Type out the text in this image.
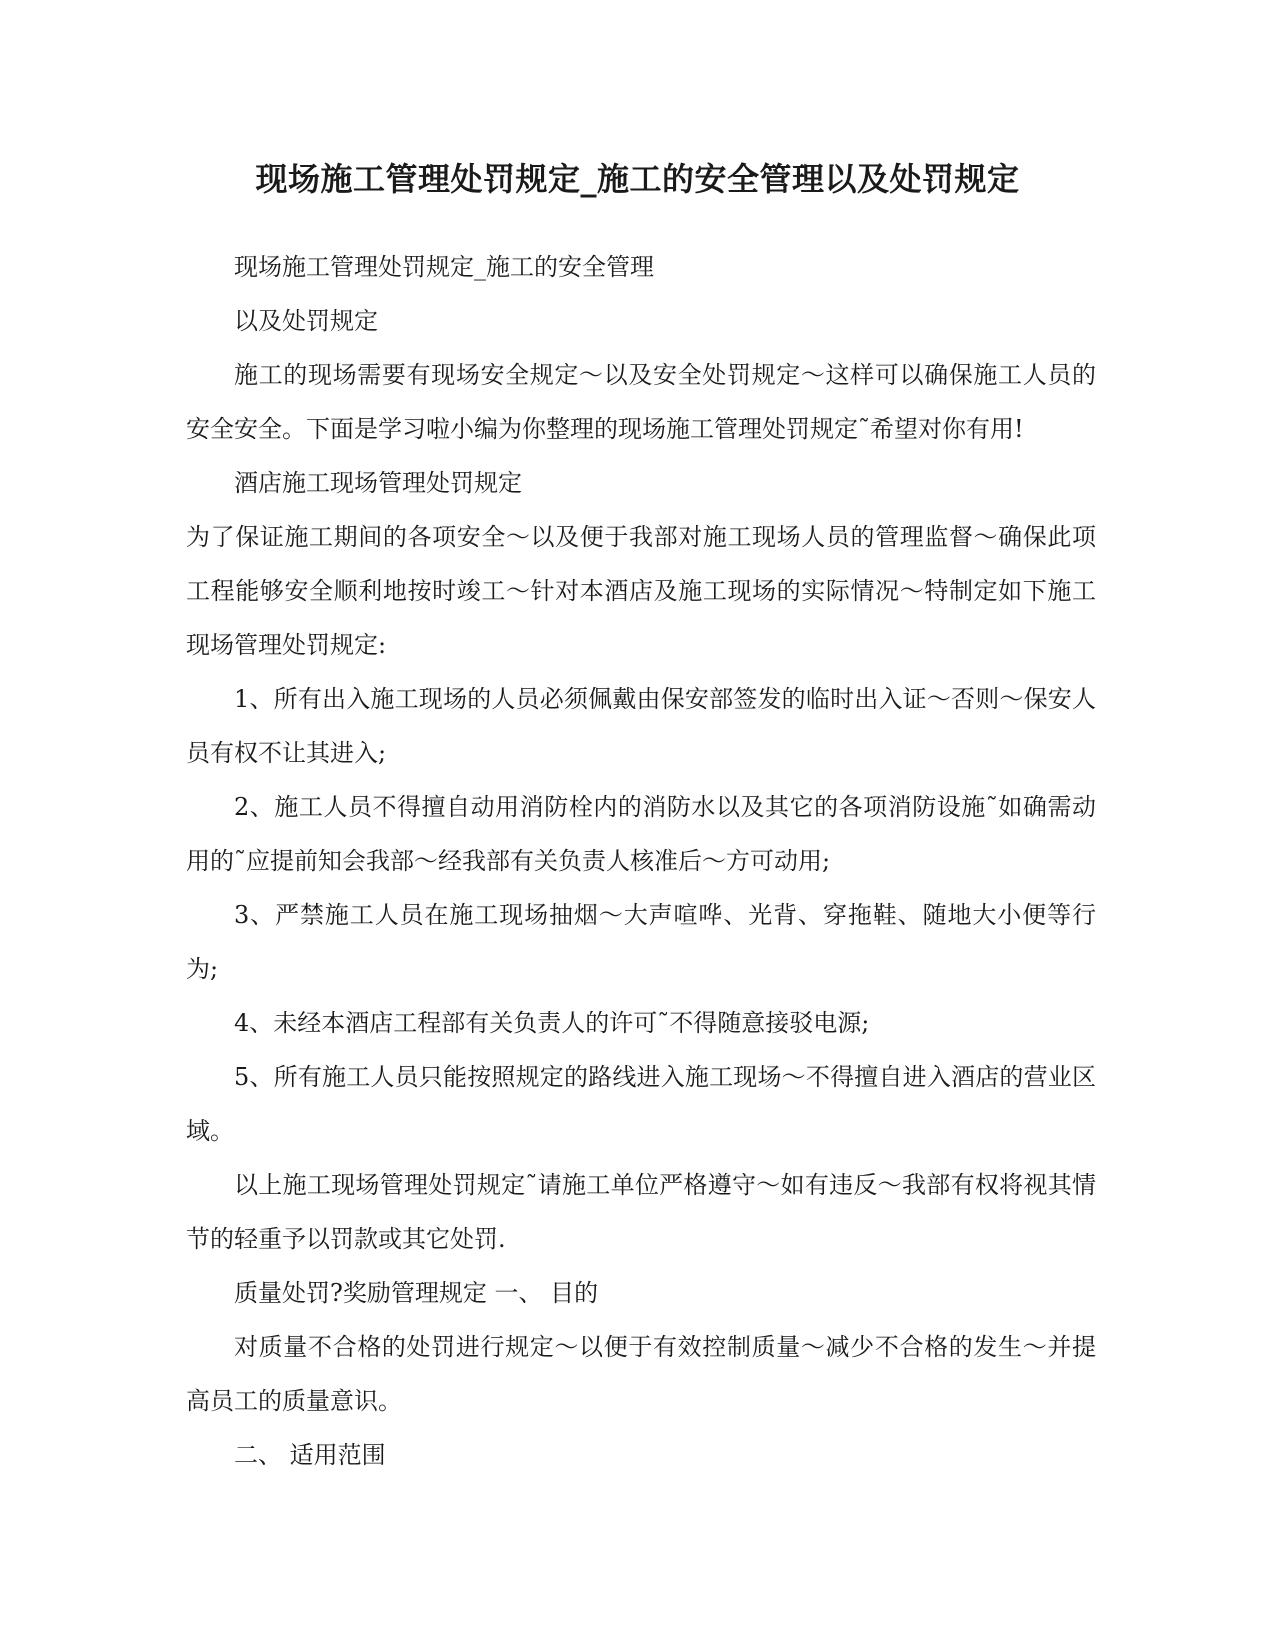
现场施工管理处罚规定_施工的安全管理以及处罚规定

现场施工管理处罚规定_施工的安全管理

以及处罚规定

施工的现场需要有现场安全规定～以及安全处罚规定～这样可以确保施工人员的安全安全。下面是学习啦小编为你整理的现场施工管理处罚规定˜希望对你有用!

酒店施工现场管理处罚规定

为了保证施工期间的各项安全～以及便于我部对施工现场人员的管理监督～确保此项工程能够安全顺利地按时竣工～针对本酒店及施工现场的实际情况～特制定如下施工现场管理处罚规定:

1、所有出入施工现场的人员必须佩戴由保安部签发的临时出入证～否则～保安人员有权不让其进入;

2、施工人员不得擅自动用消防栓内的消防水以及其它的各项消防设施˜如确需动用的˜应提前知会我部～经我部有关负责人核准后～方可动用;

3、严禁施工人员在施工现场抽烟～大声喧哗、光背、穿拖鞋、随地大小便等行为;

4、未经本酒店工程部有关负责人的许可˜不得随意接驳电源;

5、所有施工人员只能按照规定的路线进入施工现场～不得擅自进入酒店的营业区域。

以上施工现场管理处罚规定˜请施工单位严格遵守～如有违反～我部有权将视其情节的轻重予以罚款或其它处罚.

质量处罚?奖励管理规定 一、 目的

对质量不合格的处罚进行规定～以便于有效控制质量～减少不合格的发生～并提高员工的质量意识。

二、 适用范围
